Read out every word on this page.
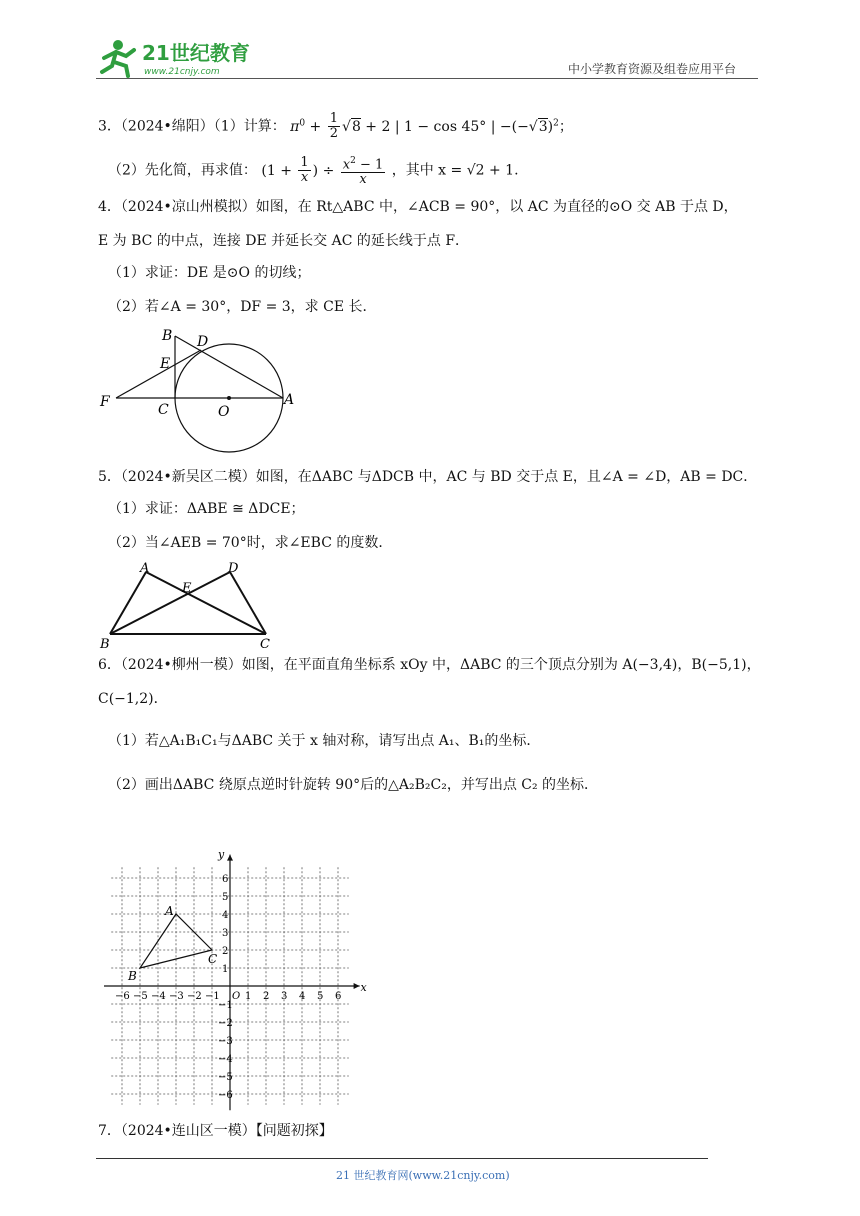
21世纪教育
www.21cnjy.com	中小学教育资源及组卷应用平台
3．（2024•绵阳）（1）计算： $\pi^0 + \frac{1}{2} √8 + 2$ | 1 − cos 45° | $-(-√3)^2$；
（2）先化简，再求值： ($1 + \frac{1}{x}$ ) ÷ $\frac{x^2 - 1}{x}$ ，其中 x = √2 + 1.
4．（2024•凉山州模拟）如图，在 Rt△ABC 中，∠ACB = 90°，以 AC 为直径的⊙O 交 AB 于点 D，
E 为 BC 的中点，连接 DE 并延长交 AC 的延长线于点 F．
（1）求证：DE 是⊙O 的切线；
（2）若∠A = 30°，DF = 3，求 CE 长．
B D
E
F	C	O
A
5．（2024•新吴区二模）如图，在ΔABC 与ΔDCB 中，AC 与 BD 交于点 E，且∠A = ∠D，AB = DC．
（1）求证：ΔABE ≅ ΔDCE；
（2）当∠AEB = 70°时，求∠EBC 的度数．
A	D
E
B	C
6．（2024•柳州一模）如图，在平面直角坐标系 xOy 中，ΔABC 的三个顶点分别为 A(−3,4)，B(−5,1)，
C(−1,2)．
（1）若△A₁B₁C₁与ΔABC 关于 x 轴对称，请写出点 A₁、B₁的坐标．
（2）画出ΔABC 绕原点逆时针旋转 90°后的△A₂B₂C₂，并写出点 C₂ 的坐标．
x
y
O
−6 −5 −4 −3 −2 −1	1 2 3 4 5 6
6
5
4
3
2
1
−1
−2
−3
−4
−5
−6
A
B
C
7．（2024•连山区一模）【问题初探】
21 世纪教育网(www.21cnjy.com)
